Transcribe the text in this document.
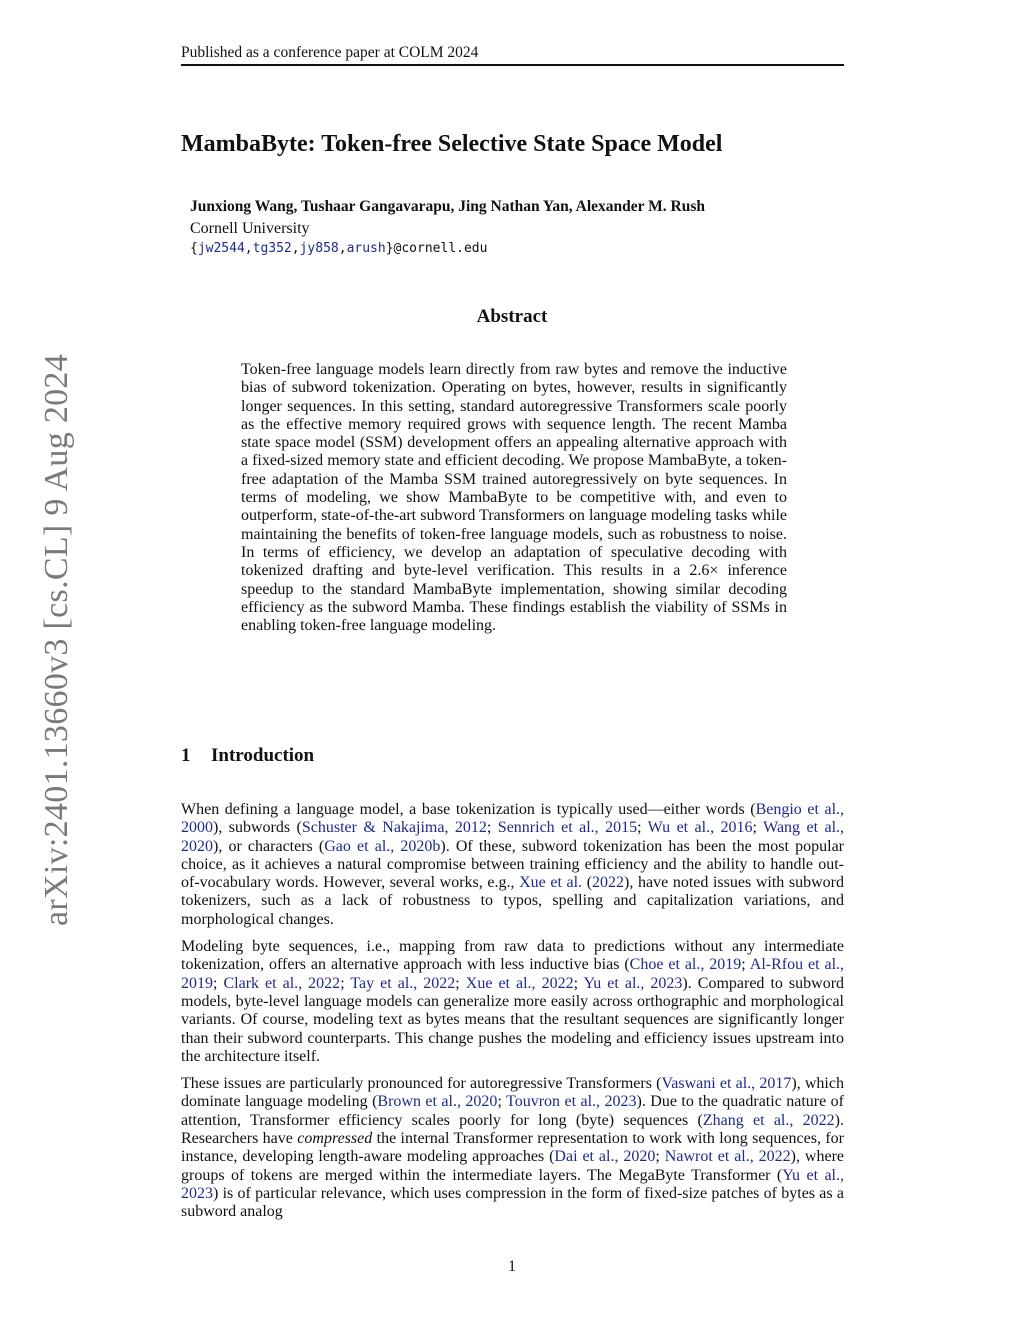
Published as a conference paper at COLM 2024
MambaByte: Token-free Selective State Space Model
Junxiong Wang, Tushaar Gangavarapu, Jing Nathan Yan, Alexander M. Rush
Cornell University
{jw2544,tg352,jy858,arush}@cornell.edu
Abstract
Token-free language models learn directly from raw bytes and remove the inductive bias of subword tokenization. Operating on bytes, however, results in significantly longer sequences. In this setting, standard autoregressive Transformers scale poorly as the effective memory required grows with sequence length. The recent Mamba state space model (SSM) development offers an appealing alternative approach with a fixed-sized memory state and efficient decoding. We propose MambaByte, a token-free adaptation of the Mamba SSM trained autoregressively on byte sequences. In terms of modeling, we show MambaByte to be competitive with, and even to outperform, state-of-the-art subword Transformers on language modeling tasks while maintaining the benefits of token-free language models, such as robustness to noise. In terms of efficiency, we develop an adaptation of speculative decoding with tokenized drafting and byte-level verification. This results in a 2.6× inference speedup to the standard MambaByte implementation, showing similar decoding efficiency as the subword Mamba. These findings establish the viability of SSMs in enabling token-free language modeling.
1 Introduction

When defining a language model, a base tokenization is typically used—either words (Bengio et al., 2000), subwords (Schuster & Nakajima, 2012; Sennrich et al., 2015; Wu et al., 2016; Wang et al., 2020), or characters (Gao et al., 2020b). Of these, subword tokenization has been the most popular choice, as it achieves a natural compromise between training efficiency and the ability to handle out-of-vocabulary words. However, several works, e.g., Xue et al. (2022), have noted issues with subword tokenizers, such as a lack of robustness to typos, spelling and capitalization variations, and morphological changes.

Modeling byte sequences, i.e., mapping from raw data to predictions without any intermediate tokenization, offers an alternative approach with less inductive bias (Choe et al., 2019; Al-Rfou et al., 2019; Clark et al., 2022; Tay et al., 2022; Xue et al., 2022; Yu et al., 2023). Compared to subword models, byte-level language models can generalize more easily across orthographic and morphological variants. Of course, modeling text as bytes means that the resultant sequences are significantly longer than their subword counterparts. This change pushes the modeling and efficiency issues upstream into the architecture itself.

These issues are particularly pronounced for autoregressive Transformers (Vaswani et al., 2017), which dominate language modeling (Brown et al., 2020; Touvron et al., 2023). Due to the quadratic nature of attention, Transformer efficiency scales poorly for long (byte) sequences (Zhang et al., 2022). Researchers have compressed the internal Transformer representation to work with long sequences, for instance, developing length-aware modeling approaches (Dai et al., 2020; Nawrot et al., 2022), where groups of tokens are merged within the intermediate layers. The MegaByte Transformer (Yu et al., 2023) is of particular relevance, which uses compression in the form of fixed-size patches of bytes as a subword analog

1
arXiv:2401.13660v3 [cs.CL] 9 Aug 2024
